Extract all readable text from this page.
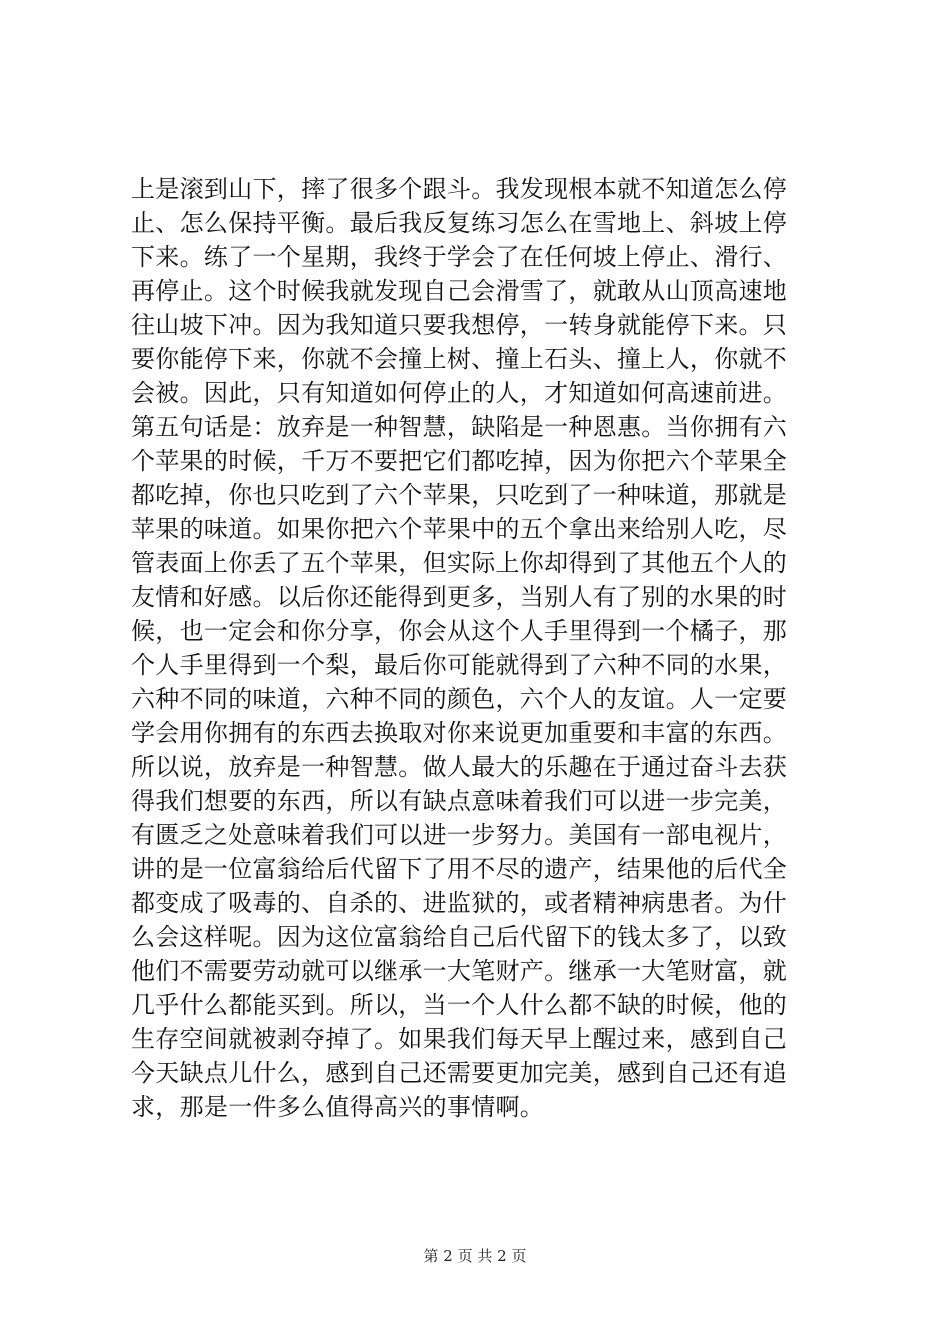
上是滚到山下，摔了很多个跟斗。我发现根本就不知道怎么停
止、怎么保持平衡。最后我反复练习怎么在雪地上、斜坡上停
下来。练了一个星期，我终于学会了在任何坡上停止、滑行、
再停止。这个时候我就发现自己会滑雪了，就敢从山顶高速地
往山坡下冲。因为我知道只要我想停，一转身就能停下来。只
要你能停下来，你就不会撞上树、撞上石头、撞上人，你就不
会被。因此，只有知道如何停止的人，才知道如何高速前进。
第五句话是：放弃是一种智慧，缺陷是一种恩惠。当你拥有六
个苹果的时候，千万不要把它们都吃掉，因为你把六个苹果全
都吃掉，你也只吃到了六个苹果，只吃到了一种味道，那就是
苹果的味道。如果你把六个苹果中的五个拿出来给别人吃，尽
管表面上你丢了五个苹果，但实际上你却得到了其他五个人的
友情和好感。以后你还能得到更多，当别人有了别的水果的时
候，也一定会和你分享，你会从这个人手里得到一个橘子，那
个人手里得到一个梨，最后你可能就得到了六种不同的水果，
六种不同的味道，六种不同的颜色，六个人的友谊。人一定要
学会用你拥有的东西去换取对你来说更加重要和丰富的东西。
所以说，放弃是一种智慧。做人最大的乐趣在于通过奋斗去获
得我们想要的东西，所以有缺点意味着我们可以进一步完美，
有匮乏之处意味着我们可以进一步努力。美国有一部电视片，
讲的是一位富翁给后代留下了用不尽的遗产，结果他的后代全
都变成了吸毒的、自杀的、进监狱的，或者精神病患者。为什
么会这样呢。因为这位富翁给自己后代留下的钱太多了，以致
他们不需要劳动就可以继承一大笔财产。继承一大笔财富，就
几乎什么都能买到。所以，当一个人什么都不缺的时候，他的
生存空间就被剥夺掉了。如果我们每天早上醒过来，感到自己
今天缺点儿什么，感到自己还需要更加完美，感到自己还有追
求，那是一件多么值得高兴的事情啊。
第 2 页 共 2 页
